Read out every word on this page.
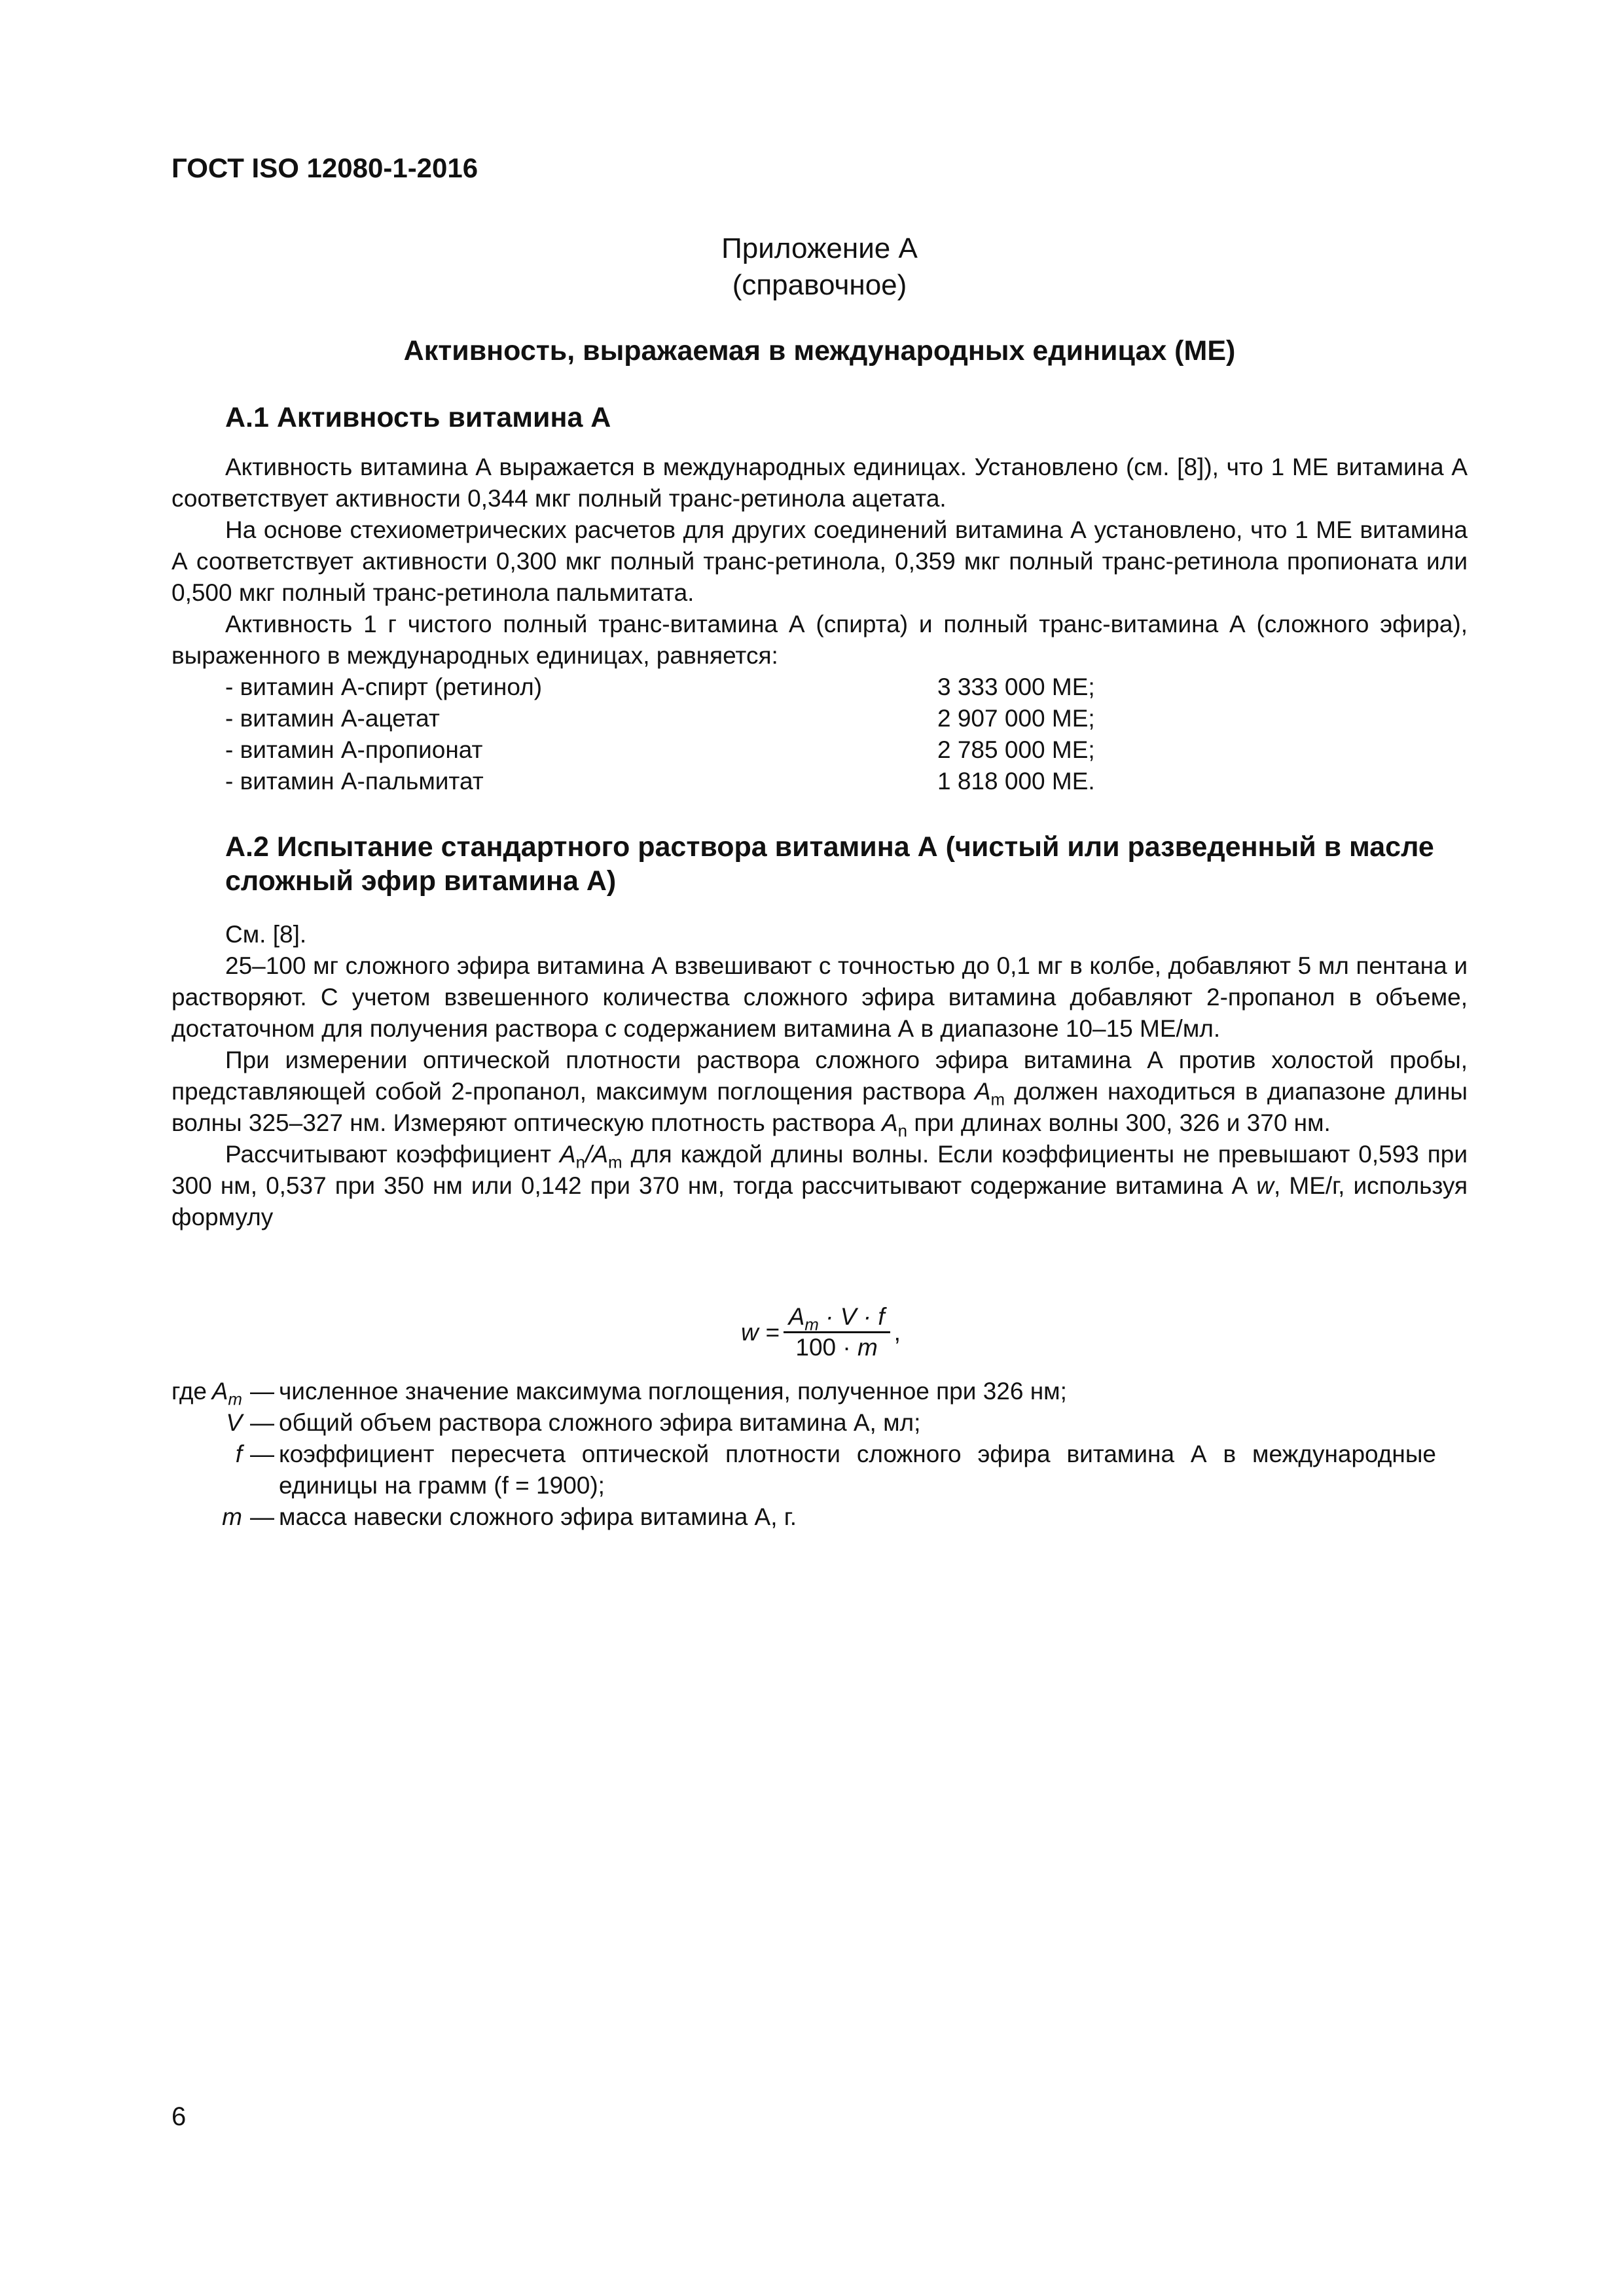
ГОСТ ISO 12080-1-2016
Приложение А
(справочное)
Активность, выражаемая в международных единицах (МЕ)
А.1 Активность витамина А

Активность витамина А выражается в международных единицах. Установлено (см. [8]), что 1 МЕ витамина А соответствует активности 0,344 мкг полный транс-ретинола ацетата.

На основе стехиометрических расчетов для других соединений витамина А установлено, что 1 МЕ витамина А соответствует активности 0,300 мкг полный транс-ретинола, 0,359 мкг полный транс-ретинола пропионата или 0,500 мкг полный транс-ретинола пальмитата.

Активность 1 г чистого полный транс-витамина А (спирта) и полный транс-витамина А (сложного эфира), выраженного в международных единицах, равняется:

- витамин А-спирт (ретинол)	3 333 000 МЕ;
- витамин А-ацетат	2 907 000 МЕ;
- витамин А-пропионат	2 785 000 МЕ;
- витамин А-пальмитат	1 818 000 МЕ.
А.2 Испытание стандартного раствора витамина А (чистый или разведенный в масле сложный эфир витамина А)

См. [8].

25–100 мг сложного эфира витамина А взвешивают с точностью до 0,1 мг в колбе, добавляют 5 мл пентана и растворяют. С учетом взвешенного количества сложного эфира витамина добавляют 2-пропанол в объеме, достаточном для получения раствора с содержанием витамина А в диапазоне 10–15 МЕ/мл.

При измерении оптической плотности раствора сложного эфира витамина А против холостой пробы, представляющей собой 2-пропанол, максимум поглощения раствора $A_m$ должен находиться в диапазоне длины волны 325–327 нм. Измеряют оптическую плотность раствора $A_n$ при длинах волны 300, 326 и 370 нм.

Рассчитывают коэффициент $A_n/A_m$ для каждой длины волны. Если коэффициенты не превышают 0,593 при 300 нм, 0,537 при 350 нм или 0,142 при 370 нм, тогда рассчитывают содержание витамина А w, МЕ/г, используя формулу

$w = \frac{A_m \cdot V \cdot f}{100 \cdot m}$ ,
где $A_m$ — численное значение максимума поглощения, полученное при 326 нм;
V — общий объем раствора сложного эфира витамина А, мл;
f — коэффициент пересчета оптической плотности сложного эфира витамина А в международные единицы на грамм (f = 1900);
m — масса навески сложного эфира витамина А, г.
6
